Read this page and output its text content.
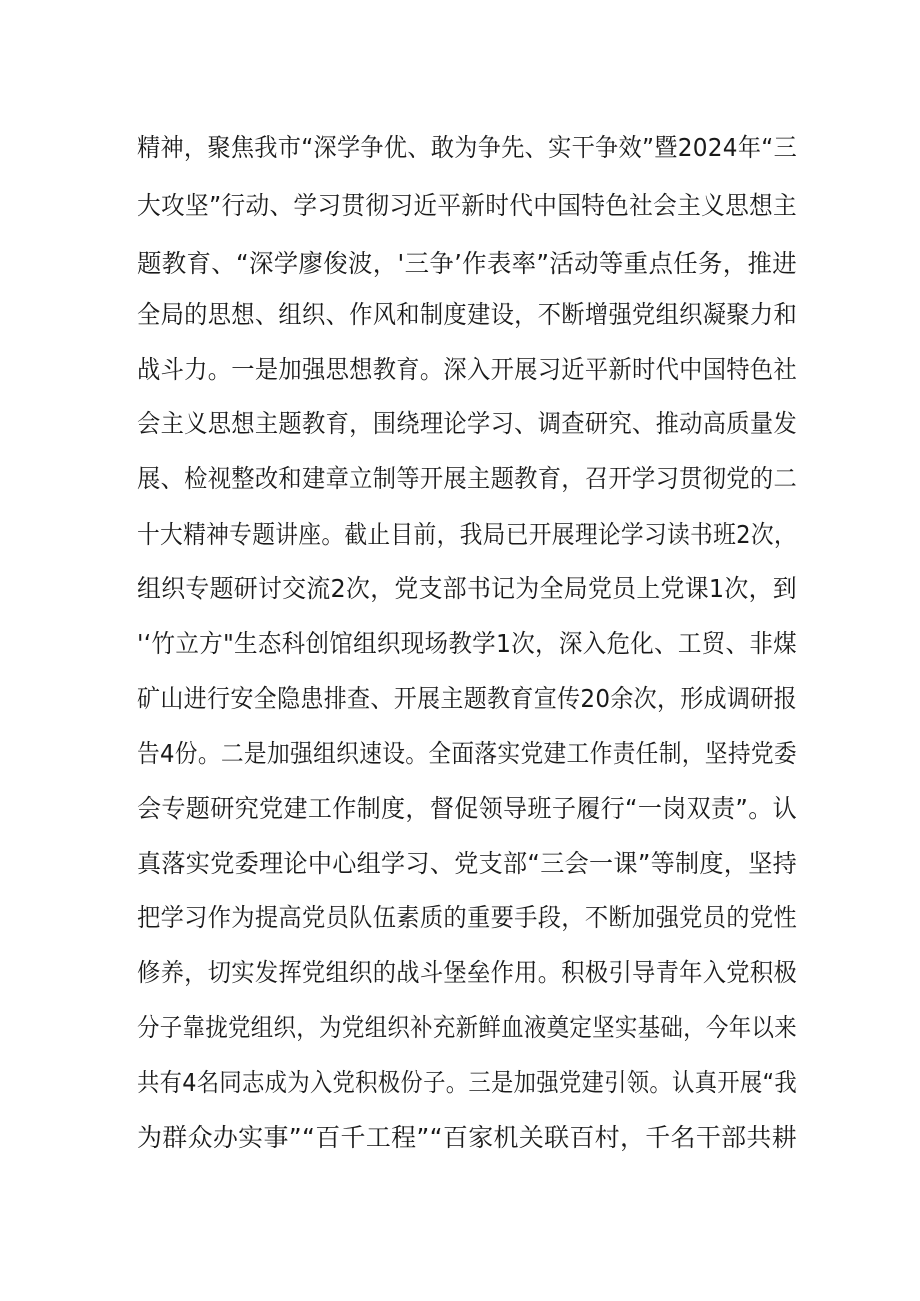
精神，聚焦我市“深学争优、敢为争先、实干争效”暨2024年“三
大攻坚”行动、学习贯彻习近平新时代中国特色社会主义思想主
题教育、“深学廖俊波，'三争’作表率”活动等重点任务，推进
全局的思想、组织、作风和制度建设，不断增强党组织凝聚力和
战斗力。一是加强思想教育。深入开展习近平新时代中国特色社
会主义思想主题教育，围绕理论学习、调查研究、推动高质量发
展、检视整改和建章立制等开展主题教育，召开学习贯彻党的二
十大精神专题讲座。截止目前，我局已开展理论学习读书班2次，
组织专题研讨交流2次，党支部书记为全局党员上党课1次，到
'‘竹立方"生态科创馆组织现场教学1次，深入危化、工贸、非煤
矿山进行安全隐患排查、开展主题教育宣传20余次，形成调研报
告4份。二是加强组织速设。全面落实党建工作责任制，坚持党委
会专题研究党建工作制度，督促领导班子履行“一岗双责”。认
真落实党委理论中心组学习、党支部“三会一课”等制度，坚持
把学习作为提高党员队伍素质的重要手段，不断加强党员的党性
修养，切实发挥党组织的战斗堡垒作用。积极引导青年入党积极
分子靠拢党组织，为党组织补充新鲜血液奠定坚实基础，今年以来
共有4名同志成为入党积极份子。三是加强党建引领。认真开展“我
为群众办实事”“百千工程”“百家机关联百村，千名干部共耕
